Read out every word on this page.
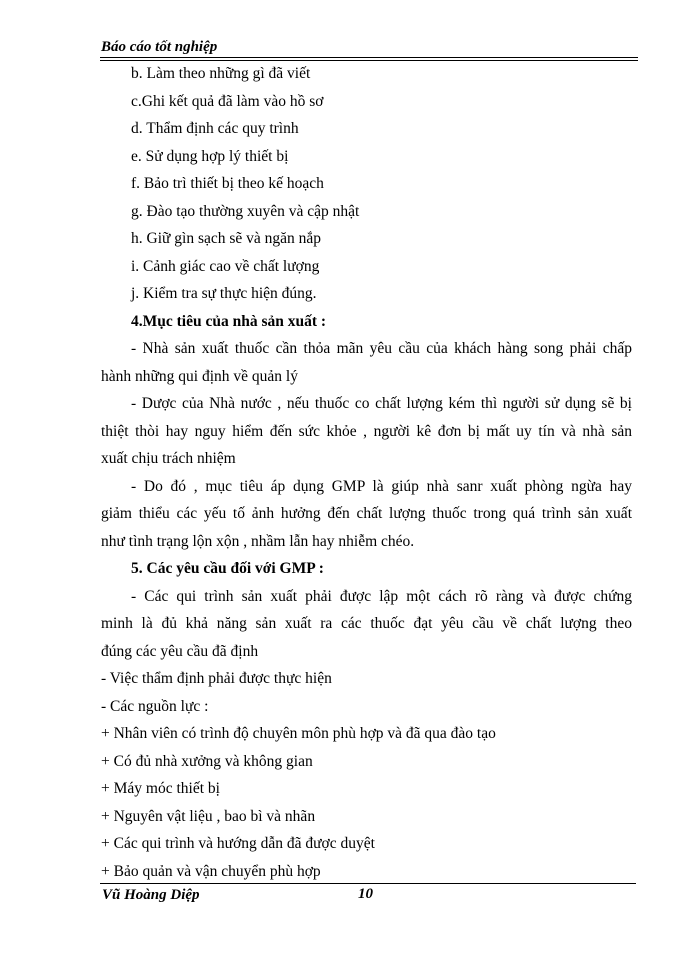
Báo cáo tốt nghiệp
b. Làm theo những gì đã viết
c.Ghi kết quả đã làm vào hồ sơ
d. Thẩm định các quy trình
e. Sử dụng hợp lý thiết bị
f. Bảo trì thiết bị theo kế hoạch
g. Đào tạo thường xuyên và cập nhật
h. Giữ gìn sạch sẽ và ngăn nắp
i. Cảnh giác cao về chất lượng
j. Kiểm tra sự thực hiện đúng.
4.Mục tiêu của nhà sản xuất :
- Nhà sản xuất thuốc cần thỏa mãn yêu cầu của khách hàng song phải chấp
hành những qui định về quản lý
- Dược của Nhà nước , nếu thuốc co chất lượng kém thì người sử dụng sẽ bị
thiệt thòi hay nguy hiểm đến sức khỏe , người kê đơn bị mất uy tín và nhà sản
xuất chịu trách nhiệm
- Do đó , mục tiêu áp dụng GMP là giúp nhà sanr xuất phòng ngừa hay
giảm thiểu các yếu tố ảnh hưởng đến chất lượng thuốc trong quá trình sản xuất
như tình trạng lộn xộn , nhầm lẫn hay nhiễm chéo.
5. Các yêu cầu đối với GMP :
- Các qui trình sản xuất phải được lập một cách rõ ràng và được chứng
minh là đủ khả năng sản xuất ra các thuốc đạt yêu cầu về chất lượng theo
đúng các yêu cầu đã định
- Việc thẩm định phải được thực hiện
- Các nguồn lực :
+ Nhân viên có trình độ chuyên môn phù hợp và đã qua đào tạo
+ Có đủ nhà xưởng và không gian
+ Máy móc thiết bị
+ Nguyên vật liệu , bao bì và nhãn
+ Các qui trình và hướng dẫn đã được duyệt
+ Bảo quản và vận chuyển phù hợp
Vũ Hoàng Diệp	10
